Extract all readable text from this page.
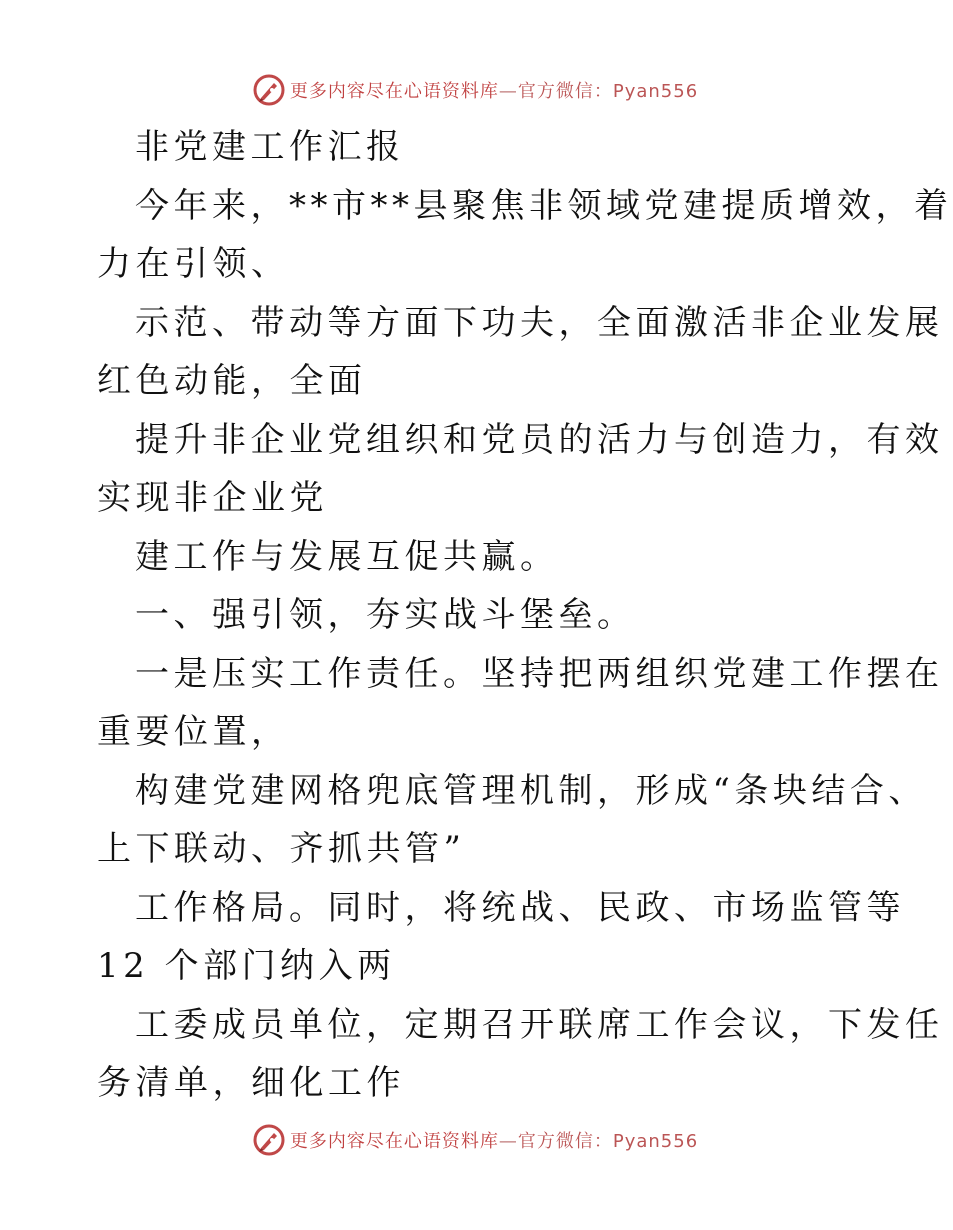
更多内容尽在心语资料库—官方微信：Pyan556
非党建工作汇报
今年来，**市**县聚焦非领域党建提质增效，着
力在引领、
示范、带动等方面下功夫，全面激活非企业发展
红色动能，全面
提升非企业党组织和党员的活力与创造力，有效
实现非企业党
建工作与发展互促共赢。
一、强引领，夯实战斗堡垒。
一是压实工作责任。坚持把两组织党建工作摆在
重要位置，
构建党建网格兜底管理机制，形成“条块结合、
上下联动、齐抓共管”
工作格局。同时，将统战、民政、市场监管等
12 个部门纳入两
工委成员单位，定期召开联席工作会议，下发任
务清单，细化工作
更多内容尽在心语资料库—官方微信：Pyan556
